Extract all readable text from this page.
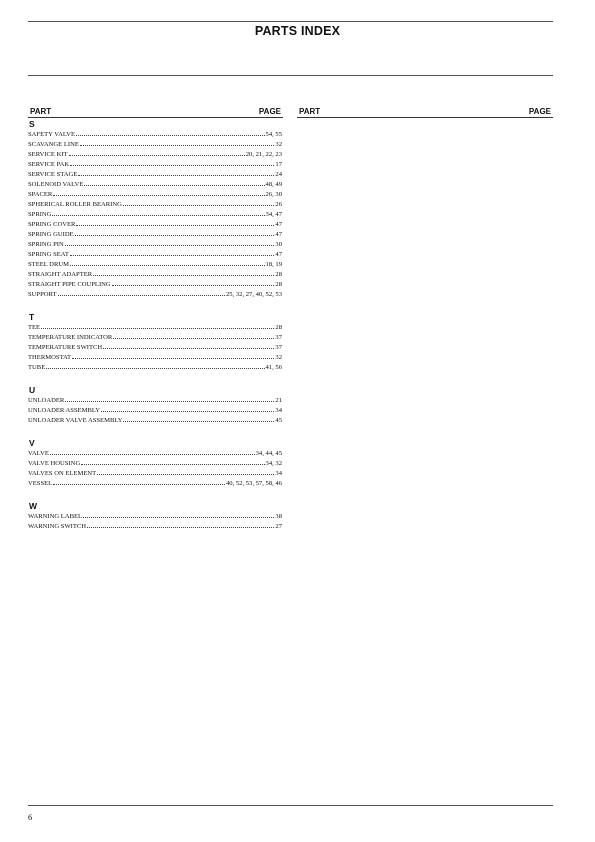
PARTS INDEX
PART	PAGE PART	PAGE
S
SAFETY VALVE	54, 55
SCAVANGE LINE	32
SERVICE KIT	20, 21, 22, 23
SERVICE PAK	17
SERVICE STAGE	24
SOLENOID VALVE	48, 49
SPACER	26, 30
SPHERICAL ROLLER BEARING	26
SPRING	34, 47
SPRING COVER	47
SPRING GUIDE	47
SPRING PIN	30
SPRING SEAT	47
STEEL DRUM	18, 19
STRAIGHT ADAPTER	28
STRAIGHT PIPE COUPLING	28
SUPPORT	25, 32, 27, 40, 52, 53
T
TEE	28
TEMPERATURE INDICATOR	37
TEMPERATURE SWITCH	37
THERMOSTAT	32
TUBE	41, 56
U
UNLOADER	21
UNLOADER ASSEMBLY	34
UNLOADER VALVE ASSEMBLY	45
V
VALVE	34, 44, 45
VALVE HOUSING	34, 32
VALVES ON ELEMENT	34
VESSEL	40, 52, 53, 57, 58, 46
W
WARNING LABEL	38
WARNING SWITCH	27
6
